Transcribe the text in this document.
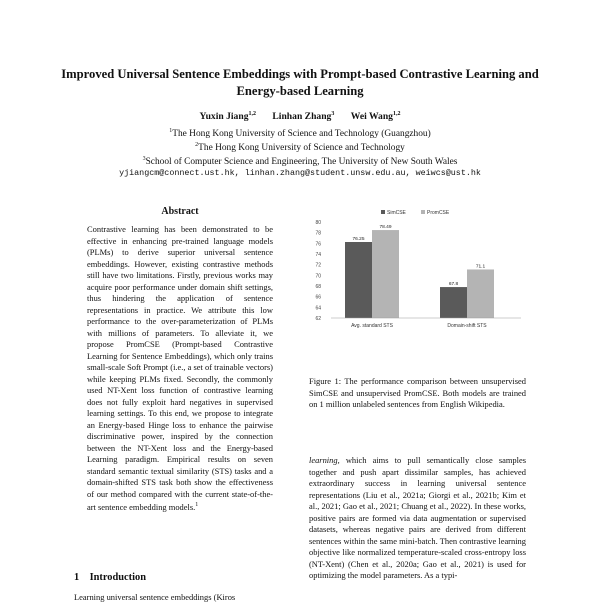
Improved Universal Sentence Embeddings with Prompt-based Contrastive Learning and Energy-based Learning
Yuxin Jiang$^{1,2}$ Linhan Zhang$^3$ Wei Wang$^{1,2}$
$^1$The Hong Kong University of Science and Technology (Guangzhou)
$^2$The Hong Kong University of Science and Technology
$^3$School of Computer Science and Engineering, The University of New South Wales
yjiangcm@connect.ust.hk, linhan.zhang@student.unsw.edu.au, weiwcs@ust.hk
Abstract
Contrastive learning has been demonstrated to be effective in enhancing pre-trained language models (PLMs) to derive superior universal sentence embeddings. However, existing contrastive methods still have two limitations. Firstly, previous works may acquire poor performance under domain shift settings, thus hindering the application of sentence representations in practice. We attribute this low performance to the over-parameterization of PLMs with millions of parameters. To alleviate it, we propose PromCSE (Prompt-based Contrastive Learning for Sentence Embeddings), which only trains small-scale Soft Prompt (i.e., a set of trainable vectors) while keeping PLMs fixed. Secondly, the commonly used NT-Xent loss function of contrastive learning does not fully exploit hard negatives in supervised learning settings. To this end, we propose to integrate an Energy-based Hinge loss to enhance the pairwise discriminative power, inspired by the connection between the NT-Xent loss and the Energy-based Learning paradigm. Empirical results on seven standard semantic textual similarity (STS) tasks and a domain-shifted STS task both show the effectiveness of our method compared with the current state-of-the-art sentence embedding models.$^1$
1 Introduction
Learning universal sentence embeddings (Kiros
SimCSE	PromCSE
62
64
66
68
70
72
74
76
78
80
76.25
67.8
78.49
71.1
Avg. standard STS	Domain-shift STS
Figure 1: The performance comparison between unsupervised SimCSE and unsupervised PromCSE. Both models are trained on 1 million unlabeled sentences from English Wikipedia.
learning, which aims to pull semantically close samples together and push apart dissimilar samples, has achieved extraordinary success in learning universal sentence representations (Liu et al., 2021a; Giorgi et al., 2021b; Kim et al., 2021; Gao et al., 2021; Chuang et al., 2022). In these works, positive pairs are formed via data augmentation or supervised datasets, whereas negative pairs are derived from different sentences within the same mini-batch. Then contrastive learning objective like normalized temperature-scaled cross-entropy loss (NT-Xent) (Chen et al., 2020a; Gao et al., 2021) is used for optimizing the model parameters. As a typi-
